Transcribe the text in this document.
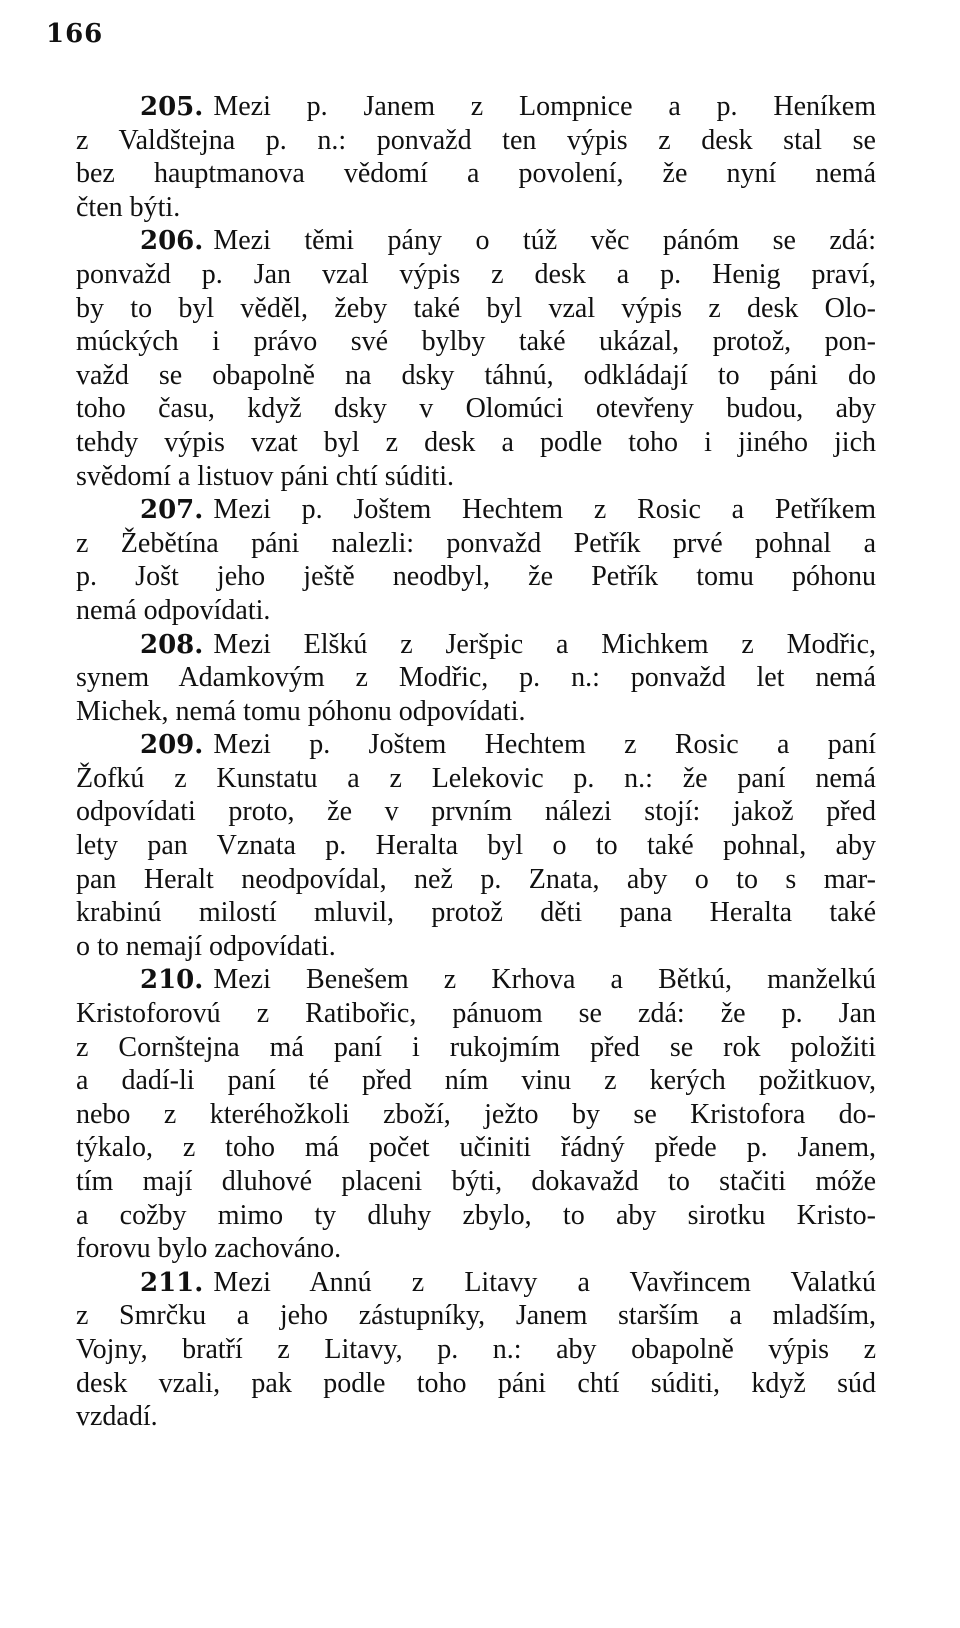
166
205. Mezi p. Janem z Lompnice a p. Heníkem
z Valdštejna p. n.: ponvažd ten výpis z desk stal se
bez hauptmanova vědomí a povolení, že nyní nemá
čten býti.
206. Mezi těmi pány o túž věc pánóm se zdá:
ponvažd p. Jan vzal výpis z desk a p. Henig praví,
by to byl věděl, žeby také byl vzal výpis z desk Olo-
múckých i právo své bylby také ukázal, protož, pon-
važd se obapolně na dsky táhnú, odkládají to páni do
toho času, když dsky v Olomúci otevřeny budou, aby
tehdy výpis vzat byl z desk a podle toho i jiného jich
svědomí a listuov páni chtí súditi.
207. Mezi p. Joštem Hechtem z Rosic a Petříkem
z Žebětína páni nalezli: ponvažd Petřík prvé pohnal a
p. Jošt jeho ještě neodbyl, že Petřík tomu póhonu
nemá odpovídati.
208. Mezi Elškú z Jeršpic a Michkem z Modřic,
synem Adamkovým z Modřic, p. n.: ponvažd let nemá
Michek, nemá tomu póhonu odpovídati.
209. Mezi p. Joštem Hechtem z Rosic a paní
Žofkú z Kunstatu a z Lelekovic p. n.: že paní nemá
odpovídati proto, že v prvním nálezi stojí: jakož před
lety pan Vznata p. Heralta byl o to také pohnal, aby
pan Heralt neodpovídal, než p. Znata, aby o to s mar-
krabinú milostí mluvil, protož děti pana Heralta také
o to nemají odpovídati.
210. Mezi Benešem z Krhova a Bětkú, manželkú
Kristoforovú z Ratibořic, pánuom se zdá: že p. Jan
z Cornštejna má paní i rukojmím před se rok položiti
a dadí-li paní té před ním vinu z kerých požitkuov,
nebo z kteréhožkoli zboží, ježto by se Kristofora do-
týkalo, z toho má počet učiniti řádný přede p. Janem,
tím mají dluhové placeni býti, dokavažd to stačiti móže
a cožby mimo ty dluhy zbylo, to aby sirotku Kristo-
forovu bylo zachováno.
211. Mezi Annú z Litavy a Vavřincem Valatkú
z Smrčku a jeho zástupníky, Janem starším a mladším,
Vojny, bratří z Litavy, p. n.: aby obapolně výpis z
desk vzali, pak podle toho páni chtí súditi, když súd
vzdadí.
